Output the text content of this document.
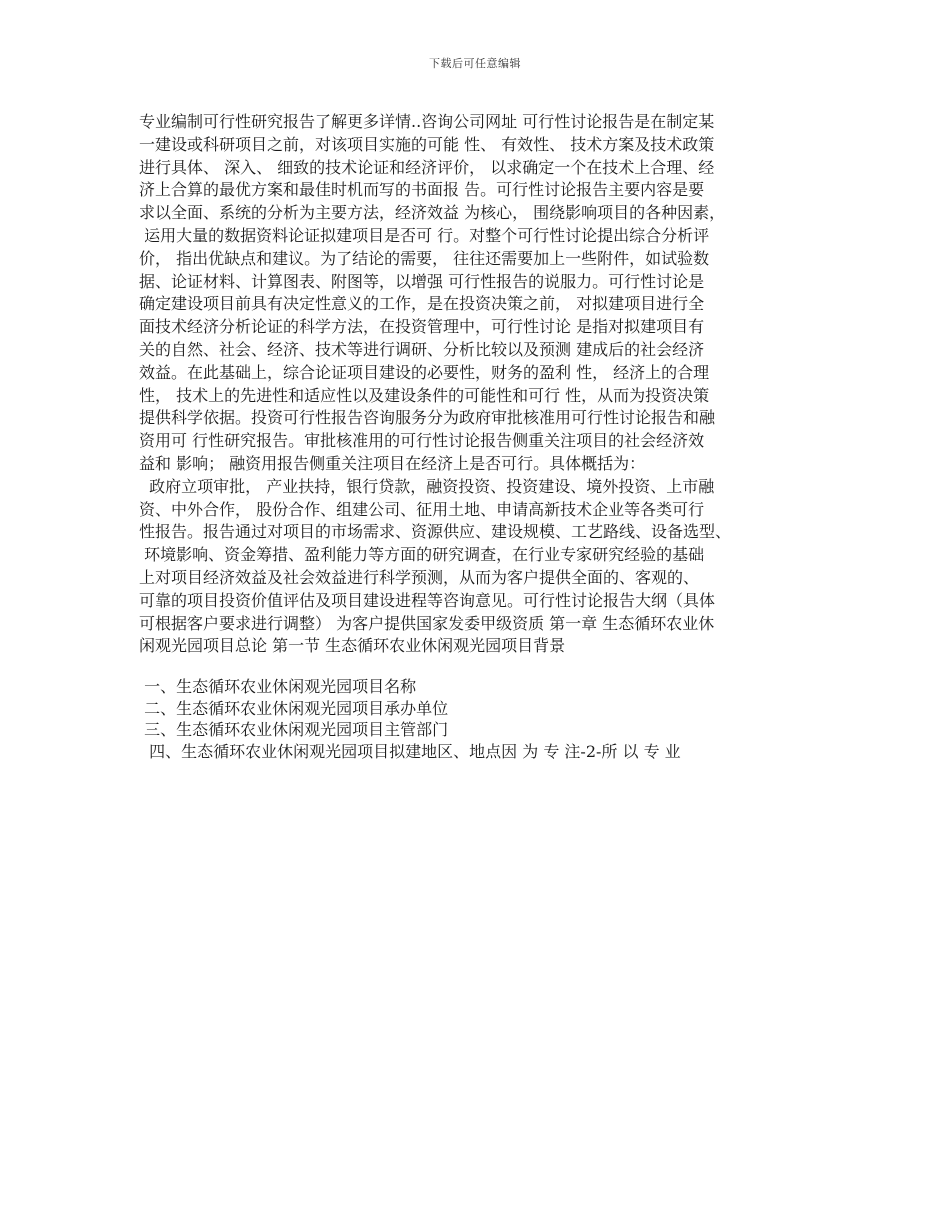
下载后可任意编辑

专业编制可行性研究报告了解更多详情..咨询公司网址 可行性讨论报告是在制定某
一建设或科研项目之前，对该项目实施的可能 性、 有效性、 技术方案及技术政策
进行具体、 深入、 细致的技术论证和经济评价， 以求确定一个在技术上合理、经
济上合算的最优方案和最佳时机而写的书面报 告。可行性讨论报告主要内容是要
求以全面、系统的分析为主要方法，经济效益 为核心， 围绕影响项目的各种因素，
运用大量的数据资料论证拟建项目是否可 行。对整个可行性讨论提出综合分析评
价， 指出优缺点和建议。为了结论的需要， 往往还需要加上一些附件，如试验数
据、论证材料、计算图表、附图等，以增强 可行性报告的说服力。可行性讨论是
确定建设项目前具有决定性意义的工作，是在投资决策之前， 对拟建项目进行全
面技术经济分析论证的科学方法，在投资管理中，可行性讨论 是指对拟建项目有
关的自然、社会、经济、技术等进行调研、分析比较以及预测 建成后的社会经济
效益。在此基础上，综合论证项目建设的必要性，财务的盈利 性， 经济上的合理
性， 技术上的先进性和适应性以及建设条件的可能性和可行 性，从而为投资决策
提供科学依据。投资可行性报告咨询服务分为政府审批核准用可行性讨论报告和融
资用可 行性研究报告。审批核准用的可行性讨论报告侧重关注项目的社会经济效
益和 影响； 融资用报告侧重关注项目在经济上是否可行。具体概括为：
政府立项审批， 产业扶持，银行贷款，融资投资、投资建设、境外投资、上市融
资、中外合作， 股份合作、组建公司、征用土地、申请高新技术企业等各类可行
性报告。报告通过对项目的市场需求、资源供应、建设规模、工艺路线、设备选型、
环境影响、资金筹措、盈利能力等方面的研究调查，在行业专家研究经验的基础
上对项目经济效益及社会效益进行科学预测，从而为客户提供全面的、客观的、
可靠的项目投资价值评估及项目建设进程等咨询意见。可行性讨论报告大纲（具体
可根据客户要求进行调整） 为客户提供国家发委甲级资质 第一章 生态循环农业休
闲观光园项目总论 第一节 生态循环农业休闲观光园项目背景

一、生态循环农业休闲观光园项目名称
二、生态循环农业休闲观光园项目承办单位
三、生态循环农业休闲观光园项目主管部门
四、生态循环农业休闲观光园项目拟建地区、地点因 为 专 注-2-所 以 专 业
